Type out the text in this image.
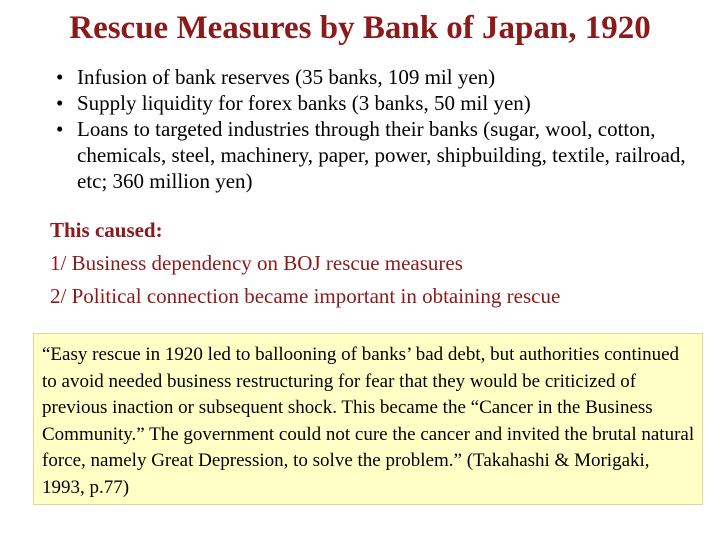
Rescue Measures by Bank of Japan, 1920
• Infusion of bank reserves (35 banks, 109 mil yen)
• Supply liquidity for forex banks (3 banks, 50 mil yen)
• Loans to targeted industries through their banks (sugar, wool, cotton, chemicals, steel, machinery, paper, power, shipbuilding, textile, railroad, etc; 360 million yen)
This caused:
1/ Business dependency on BOJ rescue measures
2/ Political connection became important in obtaining rescue
“Easy rescue in 1920 led to ballooning of banks’ bad debt, but authorities continued to avoid needed business restructuring for fear that they would be criticized of previous inaction or subsequent shock. This became the “Cancer in the Business Community.” The government could not cure the cancer and invited the brutal natural force, namely Great Depression, to solve the problem.” (Takahashi & Morigaki, 1993, p.77)
